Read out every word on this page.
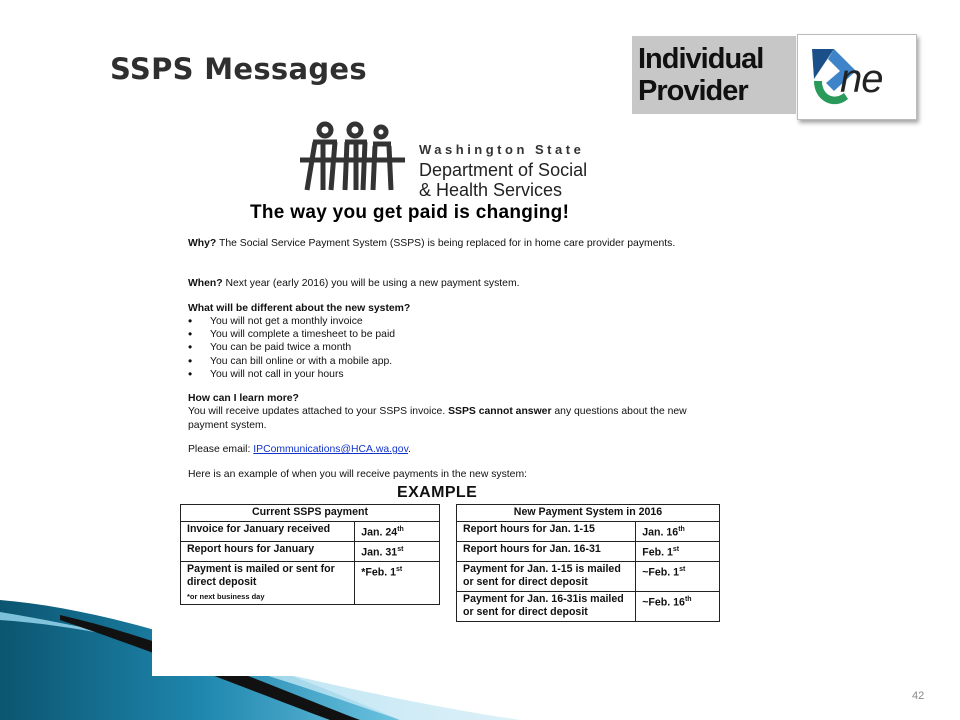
SSPS Messages	Individual
Provider ne
Washington State
Department of Social
& Health Services
The way you get paid is changing!
Why? The Social Service Payment System (SSPS) is being replaced for in home care provider payments.
When? Next year (early 2016) you will be using a new payment system.
What will be different about the new system?
• You will not get a monthly invoice
• You will complete a timesheet to be paid
• You can be paid twice a month
• You can bill online or with a mobile app.
• You will not call in your hours
How can I learn more?
You will receive updates attached to your SSPS invoice. SSPS cannot answer any questions about the new payment system.
Please email: IPCommunications@HCA.wa.gov.
Here is an example of when you will receive payments in the new system:
EXAMPLE
Current SSPS payment	
Invoice for January received	Jan. 24th
Report hours for January	Jan. 31st
Payment is mailed or sent for direct deposit
*or next business day	*Feb. 1st
New Payment System in 2016	
Report hours for Jan. 1-15	Jan. 16th
Report hours for Jan. 16-31	Feb. 1st
Payment for Jan. 1-15 is mailed or sent for direct deposit	~Feb. 1st
Payment for Jan. 16-31is mailed or sent for direct deposit	~Feb. 16th
42
